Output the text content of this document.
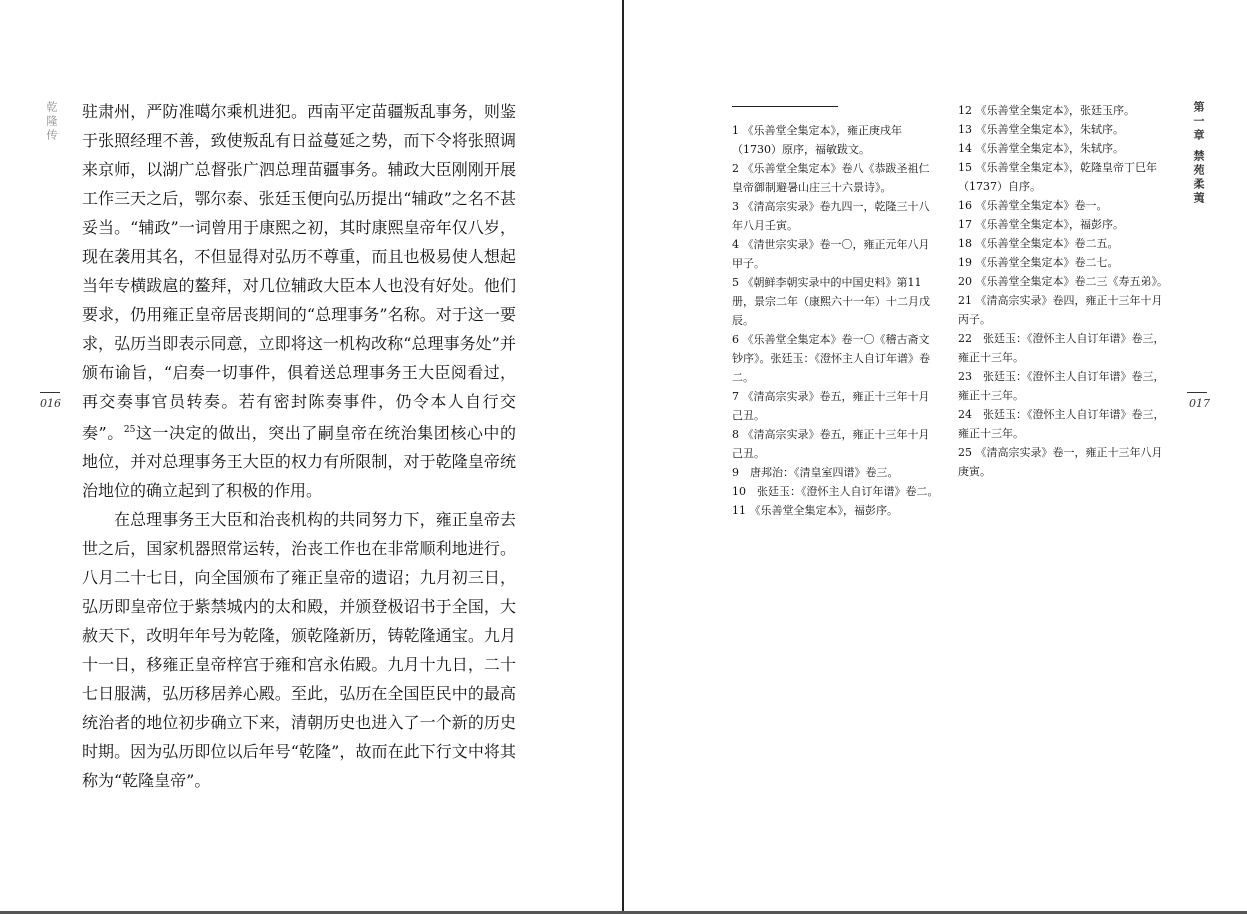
乾隆传
016

驻肃州，严防准噶尔乘机进犯。西南平定苗疆叛乱事务，则鉴于张照经理不善，致使叛乱有日益蔓延之势，而下令将张照调来京师，以湖广总督张广泗总理苗疆事务。辅政大臣刚刚开展工作三天之后，鄂尔泰、张廷玉便向弘历提出“辅政”之名不甚妥当。“辅政”一词曾用于康熙之初，其时康熙皇帝年仅八岁，现在袭用其名，不但显得对弘历不尊重，而且也极易使人想起当年专横跋扈的鳌拜，对几位辅政大臣本人也没有好处。他们要求，仍用雍正皇帝居丧期间的“总理事务”名称。对于这一要求，弘历当即表示同意，立即将这一机构改称“总理事务处”并颁布谕旨，“启奏一切事件，俱着送总理事务王大臣阅看过，再交奏事官员转奏。若有密封陈奏事件，仍令本人自行交奏”。$^{25}$这一决定的做出，突出了嗣皇帝在统治集团核心中的地位，并对总理事务王大臣的权力有所限制，对于乾隆皇帝统治地位的确立起到了积极的作用。

在总理事务王大臣和治丧机构的共同努力下，雍正皇帝去世之后，国家机器照常运转，治丧工作也在非常顺利地进行。八月二十七日，向全国颁布了雍正皇帝的遗诏；九月初三日，弘历即皇帝位于紫禁城内的太和殿，并颁登极诏书于全国，大赦天下，改明年年号为乾隆，颁乾隆新历，铸乾隆通宝。九月十一日，移雍正皇帝梓宫于雍和宫永佑殿。九月十九日，二十七日服满，弘历移居养心殿。至此，弘历在全国臣民中的最高统治者的地位初步确立下来，清朝历史也进入了一个新的历史时期。因为弘历即位以后年号“乾隆”，故而在此下行文中将其称为“乾隆皇帝”。

1 《乐善堂全集定本》，雍正庚戌年（1730）原序，福敏跋文。

2 《乐善堂全集定本》卷八《恭跋圣祖仁皇帝御制避暑山庄三十六景诗》。

3 《清高宗实录》卷九四一，乾隆三十八年八月壬寅。

4 《清世宗实录》卷一〇，雍正元年八月甲子。

5 《朝鲜李朝实录中的中国史料》第11册，景宗二年（康熙六十一年）十二月戊辰。

6 《乐善堂全集定本》卷一〇《稽古斋文钞序》。张廷玉：《澄怀主人自订年谱》卷二。

7 《清高宗实录》卷五，雍正十三年十月己丑。

8 《清高宗实录》卷五，雍正十三年十月己丑。

9　唐邦治：《清皇室四谱》卷三。

10　张廷玉：《澄怀主人自订年谱》卷二。

11 《乐善堂全集定本》，福彭序。

12 《乐善堂全集定本》，张廷玉序。

13 《乐善堂全集定本》，朱轼序。

14 《乐善堂全集定本》，朱轼序。

15 《乐善堂全集定本》，乾隆皇帝丁巳年（1737）自序。

16 《乐善堂全集定本》卷一。

17 《乐善堂全集定本》，福彭序。

18 《乐善堂全集定本》卷二五。

19 《乐善堂全集定本》卷二七。

20 《乐善堂全集定本》卷二三《寿五弟》。

21 《清高宗实录》卷四，雍正十三年十月丙子。

22　张廷玉：《澄怀主人自订年谱》卷三，雍正十三年。

23　张廷玉：《澄怀主人自订年谱》卷三，雍正十三年。

24　张廷玉：《澄怀主人自订年谱》卷三，雍正十三年。

25 《清高宗实录》卷一，雍正十三年八月庚寅。

第一章 禁苑柔荑
017
